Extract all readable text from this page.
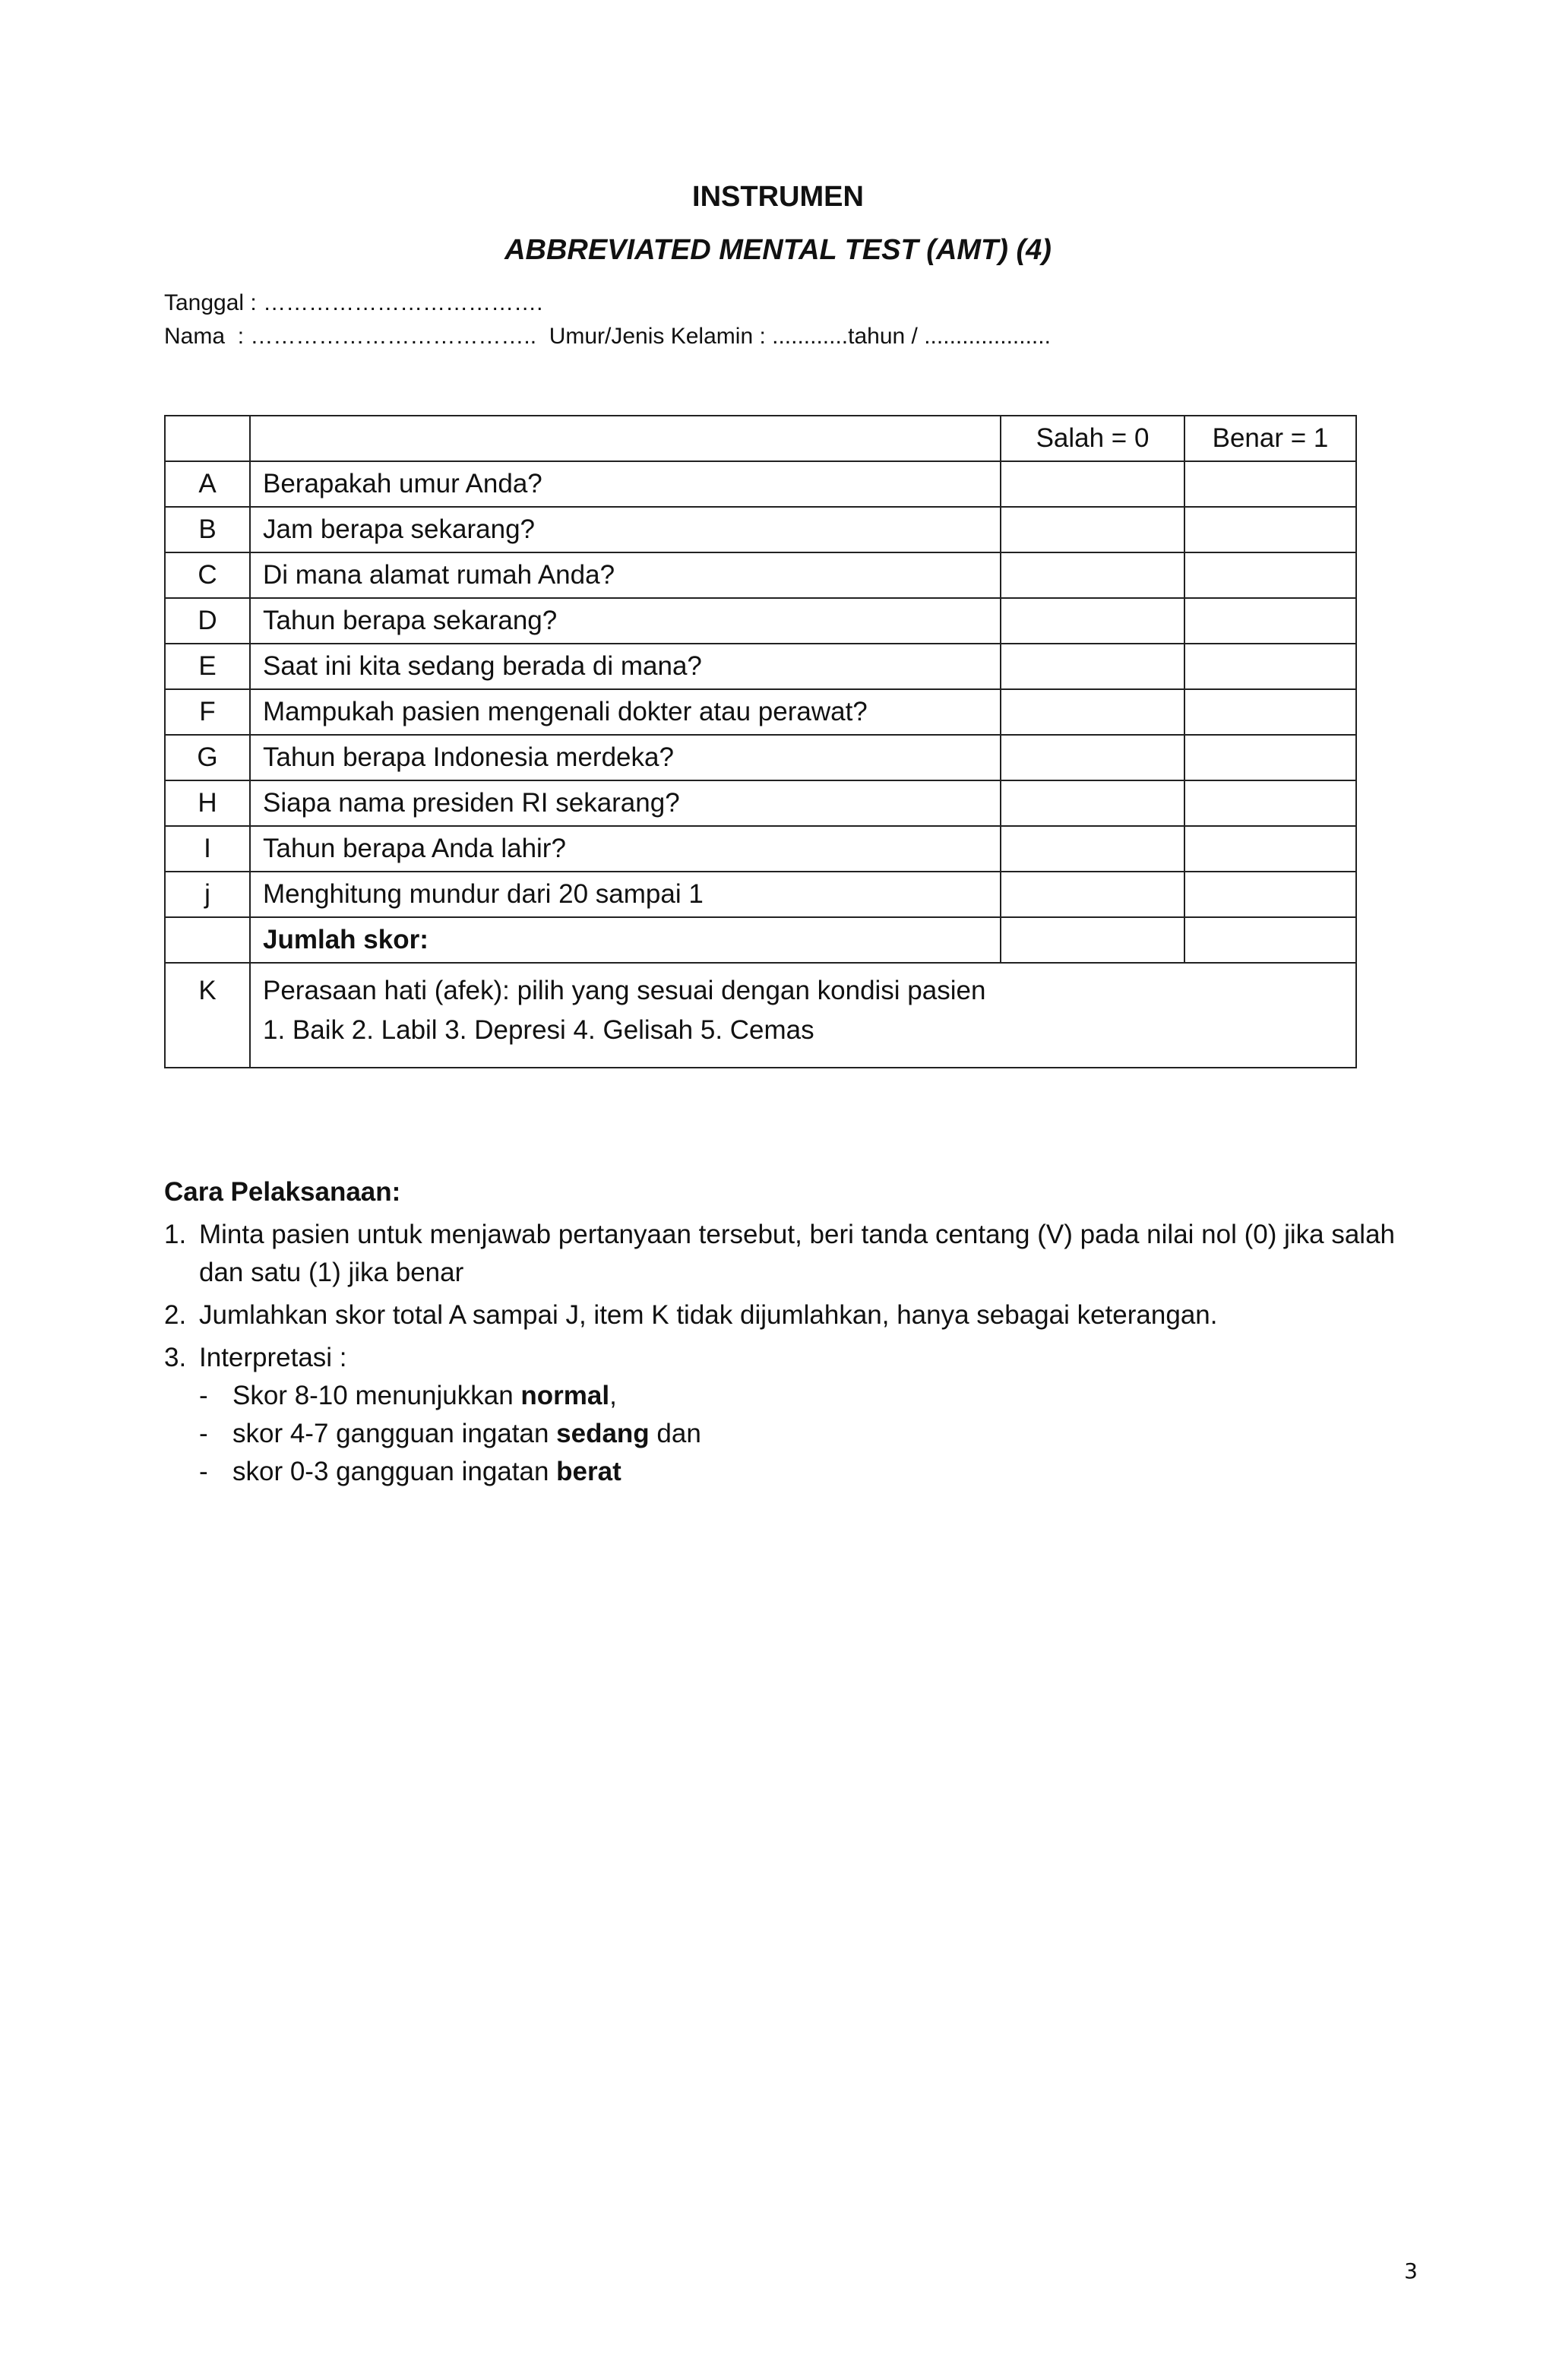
INSTRUMEN
ABBREVIATED MENTAL TEST (AMT) (4)
Tanggal : ……………………………….
Nama  : ………………………………..  Umur/Jenis Kelamin : ............tahun / ....................
		Salah = 0	Benar = 1
A	Berapakah umur Anda?		
B	Jam berapa sekarang?		
C	Di mana alamat rumah Anda?		
D	Tahun berapa sekarang?		
E	Saat ini kita sedang berada di mana?		
F	Mampukah pasien mengenali dokter atau perawat?		
G	Tahun berapa Indonesia merdeka?		
H	Siapa nama presiden RI sekarang?		
I	Tahun berapa Anda lahir?		
j	Menghitung mundur dari 20 sampai 1		
	Jumlah skor:		
K	Perasaan hati (afek): pilih yang sesuai dengan kondisi pasien
1. Baik 2. Labil 3. Depresi 4. Gelisah 5. Cemas		
Cara Pelaksanaan:
1. Minta pasien untuk menjawab pertanyaan tersebut, beri tanda centang (V) pada nilai nol (0) jika salah dan satu (1) jika benar
2. Jumlahkan skor total A sampai J, item K tidak dijumlahkan, hanya sebagai keterangan.
3. Interpretasi :
- Skor 8-10 menunjukkan normal,
- skor 4-7 gangguan ingatan sedang dan
- skor 0-3 gangguan ingatan berat
3
